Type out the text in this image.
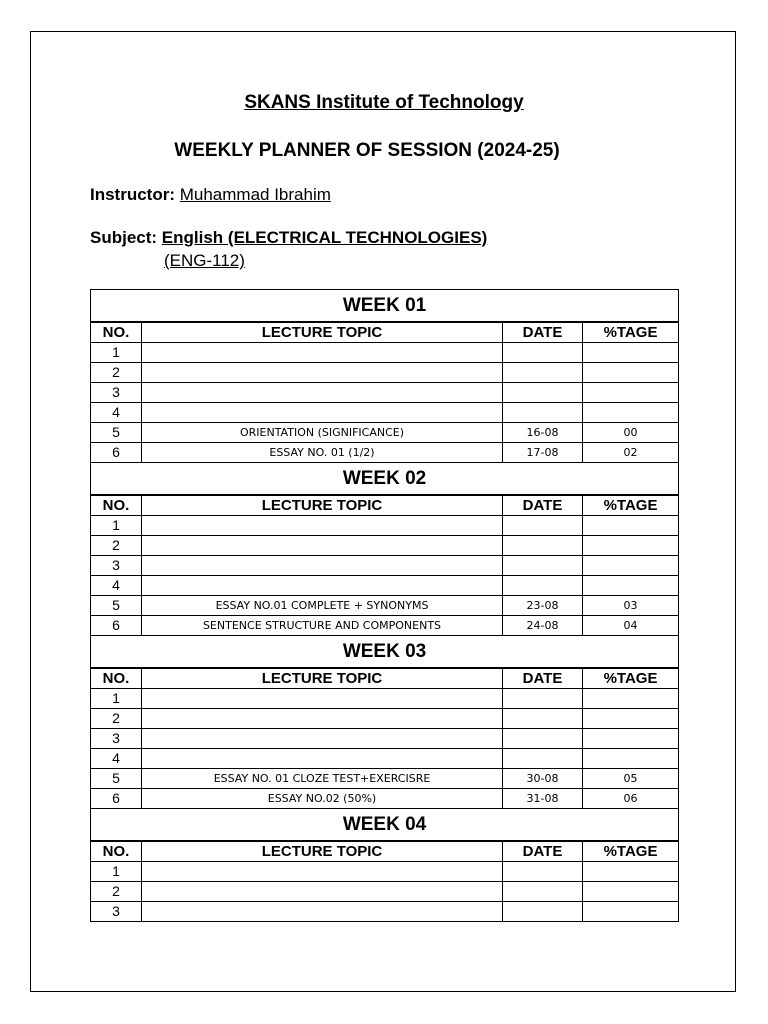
SKANS Institute of Technology
WEEKLY PLANNER OF SESSION (2024-25)
Instructor: Muhammad Ibrahim
Subject: English (ELECTRICAL TECHNOLOGIES)
(ENG-112)
WEEK 01			
NO.	LECTURE TOPIC	DATE	%TAGE
1			
2			
3			
4			
5	ORIENTATION (SIGNIFICANCE)	16-08	00
6	ESSAY NO. 01 (1/2)	17-08	02
WEEK 02			
NO.	LECTURE TOPIC	DATE	%TAGE
1			
2			
3			
4			
5	ESSAY NO.01 COMPLETE + SYNONYMS	23-08	03
6	SENTENCE STRUCTURE AND COMPONENTS	24-08	04
WEEK 03			
NO.	LECTURE TOPIC	DATE	%TAGE
1			
2			
3			
4			
5	ESSAY NO. 01 CLOZE TEST+EXERCISRE	30-08	05
6	ESSAY NO.02 (50%)	31-08	06
WEEK 04			
NO.	LECTURE TOPIC	DATE	%TAGE
1			
2			
3			
